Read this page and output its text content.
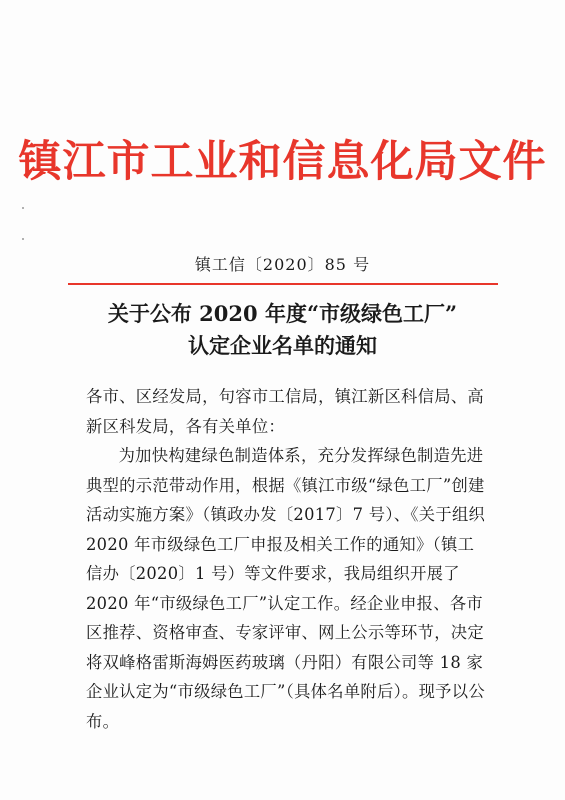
镇江市工业和信息化局文件
镇工信〔2020〕85 号
关于公布 2020 年度“市级绿色工厂”
认定企业名单的通知

各市、区经发局，句容市工信局，镇江新区科信局、高新区科发局，各有关单位：

为加快构建绿色制造体系，充分发挥绿色制造先进典型的示范带动作用，根据《镇江市级“绿色工厂”创建活动实施方案》（镇政办发〔2017〕7 号）、《关于组织 2020 年市级绿色工厂申报及相关工作的通知》（镇工信办〔2020〕1 号）等文件要求，我局组织开展了 2020 年“市级绿色工厂”认定工作。经企业申报、各市区推荐、资格审查、专家评审、网上公示等环节，决定将双峰格雷斯海姆医药玻璃（丹阳）有限公司等 18 家企业认定为“市级绿色工厂”（具体名单附后）。现予以公布。
